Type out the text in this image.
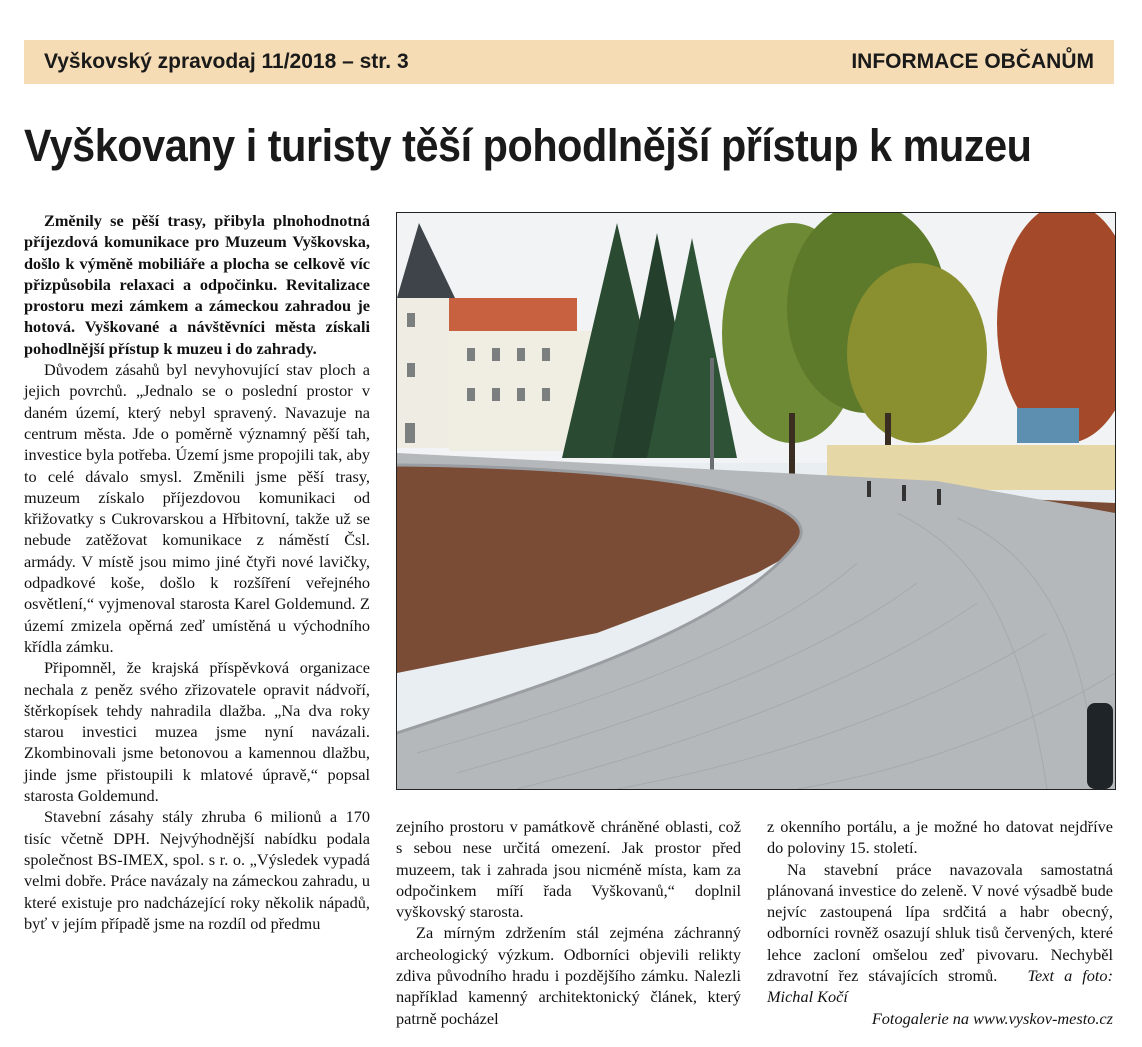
Vyškovský zpravodaj 11/2018 – str. 3	INFORMACE OBČANŮM
Vyškovany i turisty těší pohodlnější přístup k muzeu

Změnily se pěší trasy, přibyla plnohodnotná příjezdová komunikace pro Muzeum Vyškovska, došlo k výměně mobiliáře a plocha se celkově víc přizpůsobila relaxaci a odpočinku. Revitalizace prostoru mezi zámkem a zámeckou zahradou je hotová. Vyškované a návštěvníci města získali pohodlnější přístup k muzeu i do zahrady.

Důvodem zásahů byl nevyhovující stav ploch a jejich povrchů. „Jednalo se o poslední prostor v daném území, který nebyl spravený. Navazuje na centrum města. Jde o poměrně významný pěší tah, investice byla potřeba. Území jsme propojili tak, aby to celé dávalo smysl. Změnili jsme pěší trasy, muzeum získalo příjezdovou komunikaci od křižovatky s Cukrovarskou a Hřbitovní, takže už se nebude zatěžovat komunikace z náměstí Čsl. armády. V místě jsou mimo jiné čtyři nové lavičky, odpadkové koše, došlo k rozšíření veřejného osvětlení,“ vyjmenoval starosta Karel Goldemund. Z území zmizela opěrná zeď umístěná u východního křídla zámku.

Připomněl, že krajská příspěvková organizace nechala z peněz svého zřizovatele opravit nádvoří, štěrkopísek tehdy nahradila dlažba. „Na dva roky starou investici muzea jsme nyní navázali. Zkombinovali jsme betonovou a kamennou dlažbu, jinde jsme přistoupili k mlatové úpravě,“ popsal starosta Goldemund.

Stavební zásahy stály zhruba 6 milionů a 170 tisíc včetně DPH. Nejvýhodnější nabídku podala společnost BS-IMEX, spol. s r. o. „Výsledek vypadá velmi dobře. Práce navázaly na zámeckou zahradu, u které existuje pro nadcházející roky několik nápadů, byť v jejím případě jsme na rozdíl od předmu

zejního prostoru v památkově chráněné oblasti, což s sebou nese určitá omezení. Jak prostor před muzeem, tak i zahrada jsou nicméně místa, kam za odpočinkem míří řada Vyškovanů,“ doplnil vyškovský starosta.

Za mírným zdržením stál zejména záchranný archeologický výzkum. Odborníci objevili relikty zdiva původního hradu i pozdějšího zámku. Nalezli například kamenný architektonický článek, který patrně pocházel

z okenního portálu, a je možné ho datovat nejdříve do poloviny 15. století.

Na stavební práce navazovala samostatná plánovaná investice do zeleně. V nové výsadbě bude nejvíc zastoupená lípa srdčitá a habr obecný, odborníci rovněž osazují shluk tisů červených, které lehce zacloní omšelou zeď pivovaru. Nechyběl zdravotní řez stávajících stromů. Text a foto: Michal Kočí

Fotogalerie na www.vyskov-mesto.cz
